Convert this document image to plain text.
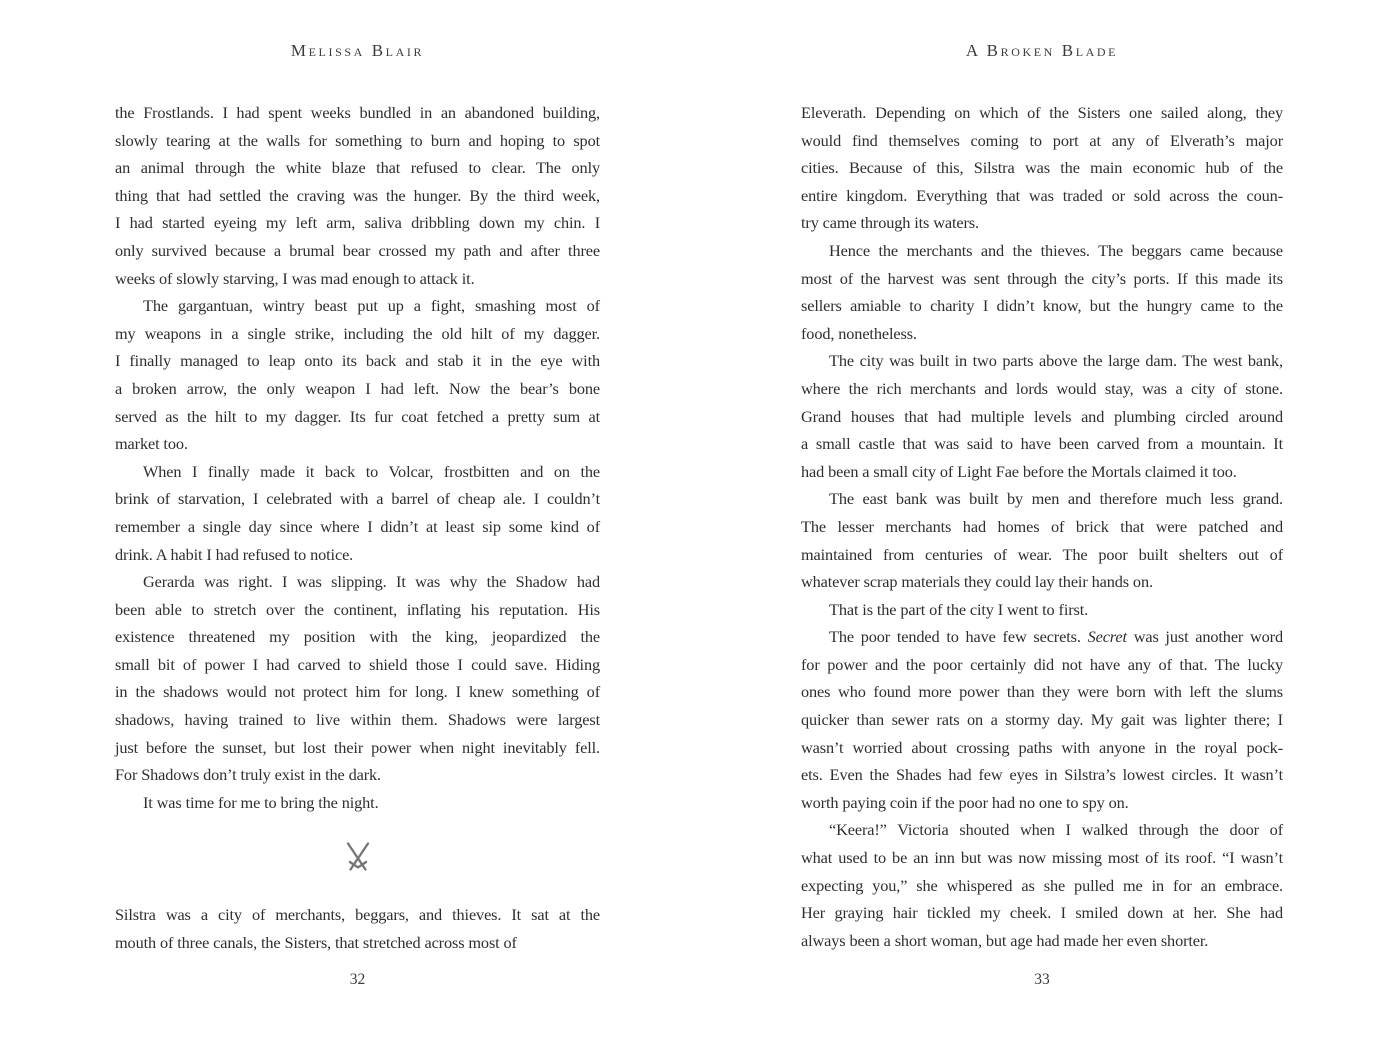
Melissa Blair
the Frostlands. I had spent weeks bundled in an abandoned building,
slowly tearing at the walls for something to burn and hoping to spot
an animal through the white blaze that refused to clear. The only
thing that had settled the craving was the hunger. By the third week,
I had started eyeing my left arm, saliva dribbling down my chin. I
only survived because a brumal bear crossed my path and after three
weeks of slowly starving, I was mad enough to attack it.
The gargantuan, wintry beast put up a fight, smashing most of
my weapons in a single strike, including the old hilt of my dagger.
I finally managed to leap onto its back and stab it in the eye with
a broken arrow, the only weapon I had left. Now the bear’s bone
served as the hilt to my dagger. Its fur coat fetched a pretty sum at
market too.
When I finally made it back to Volcar, frostbitten and on the
brink of starvation, I celebrated with a barrel of cheap ale. I couldn’t
remember a single day since where I didn’t at least sip some kind of
drink. A habit I had refused to notice.
Gerarda was right. I was slipping. It was why the Shadow had
been able to stretch over the continent, inflating his reputation. His
existence threatened my position with the king, jeopardized the
small bit of power I had carved to shield those I could save. Hiding
in the shadows would not protect him for long. I knew something of
shadows, having trained to live within them. Shadows were largest
just before the sunset, but lost their power when night inevitably fell.
For Shadows don’t truly exist in the dark.
It was time for me to bring the night.
Silstra was a city of merchants, beggars, and thieves. It sat at the
mouth of three canals, the Sisters, that stretched across most of
32
A Broken Blade
Eleverath. Depending on which of the Sisters one sailed along, they
would find themselves coming to port at any of Elverath’s major
cities. Because of this, Silstra was the main economic hub of the
entire kingdom. Everything that was traded or sold across the coun-
try came through its waters.
Hence the merchants and the thieves. The beggars came because
most of the harvest was sent through the city’s ports. If this made its
sellers amiable to charity I didn’t know, but the hungry came to the
food, nonetheless.
The city was built in two parts above the large dam. The west bank,
where the rich merchants and lords would stay, was a city of stone.
Grand houses that had multiple levels and plumbing circled around
a small castle that was said to have been carved from a mountain. It
had been a small city of Light Fae before the Mortals claimed it too.
The east bank was built by men and therefore much less grand.
The lesser merchants had homes of brick that were patched and
maintained from centuries of wear. The poor built shelters out of
whatever scrap materials they could lay their hands on.
That is the part of the city I went to first.
The poor tended to have few secrets. Secret was just another word
for power and the poor certainly did not have any of that. The lucky
ones who found more power than they were born with left the slums
quicker than sewer rats on a stormy day. My gait was lighter there; I
wasn’t worried about crossing paths with anyone in the royal pock-
ets. Even the Shades had few eyes in Silstra’s lowest circles. It wasn’t
worth paying coin if the poor had no one to spy on.
“Keera!” Victoria shouted when I walked through the door of
what used to be an inn but was now missing most of its roof. “I wasn’t
expecting you,” she whispered as she pulled me in for an embrace.
Her graying hair tickled my cheek. I smiled down at her. She had
always been a short woman, but age had made her even shorter.
33
